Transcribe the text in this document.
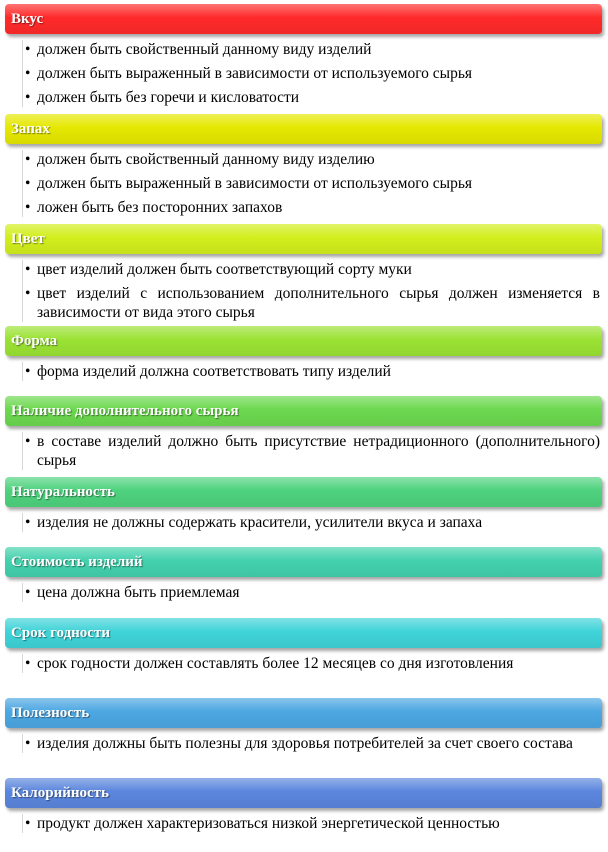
Вкус
• должен быть свойственный данному виду изделий
• должен быть выраженный в зависимости от используемого сырья
• должен быть без горечи и кисловатости
Запах
• должен быть свойственный данному виду изделию
• должен быть выраженный в зависимости от используемого сырья
• ложен быть без посторонних запахов
Цвет
• цвет изделий должен быть соответствующий сорту муки
• цвет изделий с использованием дополнительного сырья должен изменяется в зависимости от вида этого сырья
Форма
• форма изделий должна соответствовать типу изделий
Наличие дополнительного сырья
• в составе изделий должно быть присутствие нетрадиционного (дополнительного) сырья
Натуральность
• изделия не должны содержать красители, усилители вкуса и запаха
Стоимость изделий
• цена должна быть приемлемая
Срок годности
• срок годности должен составлять более 12 месяцев со дня изготовления
Полезность
• изделия должны быть полезны для здоровья потребителей за счет своего состава
Калорийность
• продукт должен характеризоваться низкой энергетической ценностью
